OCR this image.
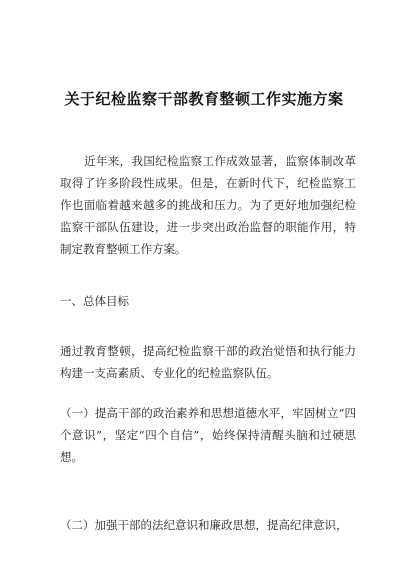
关于纪检监察干部教育整顿工作实施方案

近年来，我国纪检监察工作成效显著，监察体制改革取得了许多阶段性成果。但是，在新时代下，纪检监察工作也面临着越来越多的挑战和压力。为了更好地加强纪检监察干部队伍建设，进一步突出政治监督的职能作用，特制定教育整顿工作方案。

一、总体目标

通过教育整顿，提高纪检监察干部的政治觉悟和执行能力构建一支高素质、专业化的纪检监察队伍。

（一）提高干部的政治素养和思想道德水平，牢固树立“四个意识”，坚定“四个自信”，始终保持清醒头脑和过硬思想。

（二）加强干部的法纪意识和廉政思想，提高纪律意识，
